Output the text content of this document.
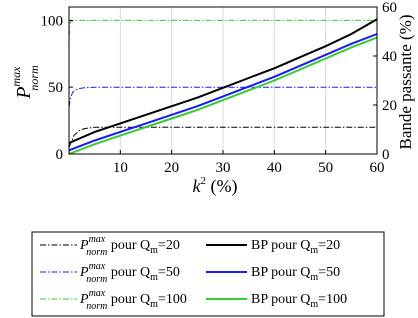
10 20 30 40 50 60
0
50
100
0
20
40
60
$k^2$ (%)
$P^{max}$ norm	Bande passante (%)
$P^{max}$ norm pour $Q_m=20$	BP pour $Q_m=20$
$P^{max}$ norm pour $Q_m=50$	BP pour $Q_m=50$
$P^{max}$ norm pour $Q_m=100$	BP pour $Q_m=100$
